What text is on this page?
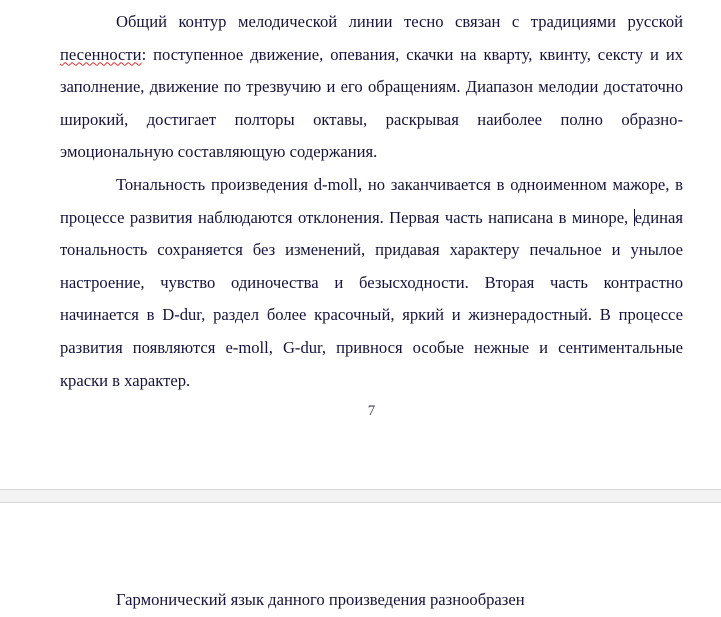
Общий контур мелодической линии тесно связан с традициями русской песенности: поступенное движение, опевания, скачки на кварту, квинту, сексту и их заполнение, движение по трезвучию и его обращениям. Диапазон мелодии достаточно широкий, достигает полторы октавы, раскрывая наиболее полно образно-эмоциональную составляющую содержания.

Тональность произведения d-moll, но заканчивается в одноименном мажоре, в процессе развития наблюдаются отклонения. Первая часть написана в миноре, единая тональность сохраняется без изменений, придавая характеру печальное и унылое настроение, чувство одиночества и безысходности. Вторая часть контрастно начинается в D-dur, раздел более красочный, яркий и жизнерадостный. В процессе развития появляются e-moll, G-dur, привнося особые нежные и сентиментальные краски в характер.

7

Гармонический язык данного произведения разнообразен
